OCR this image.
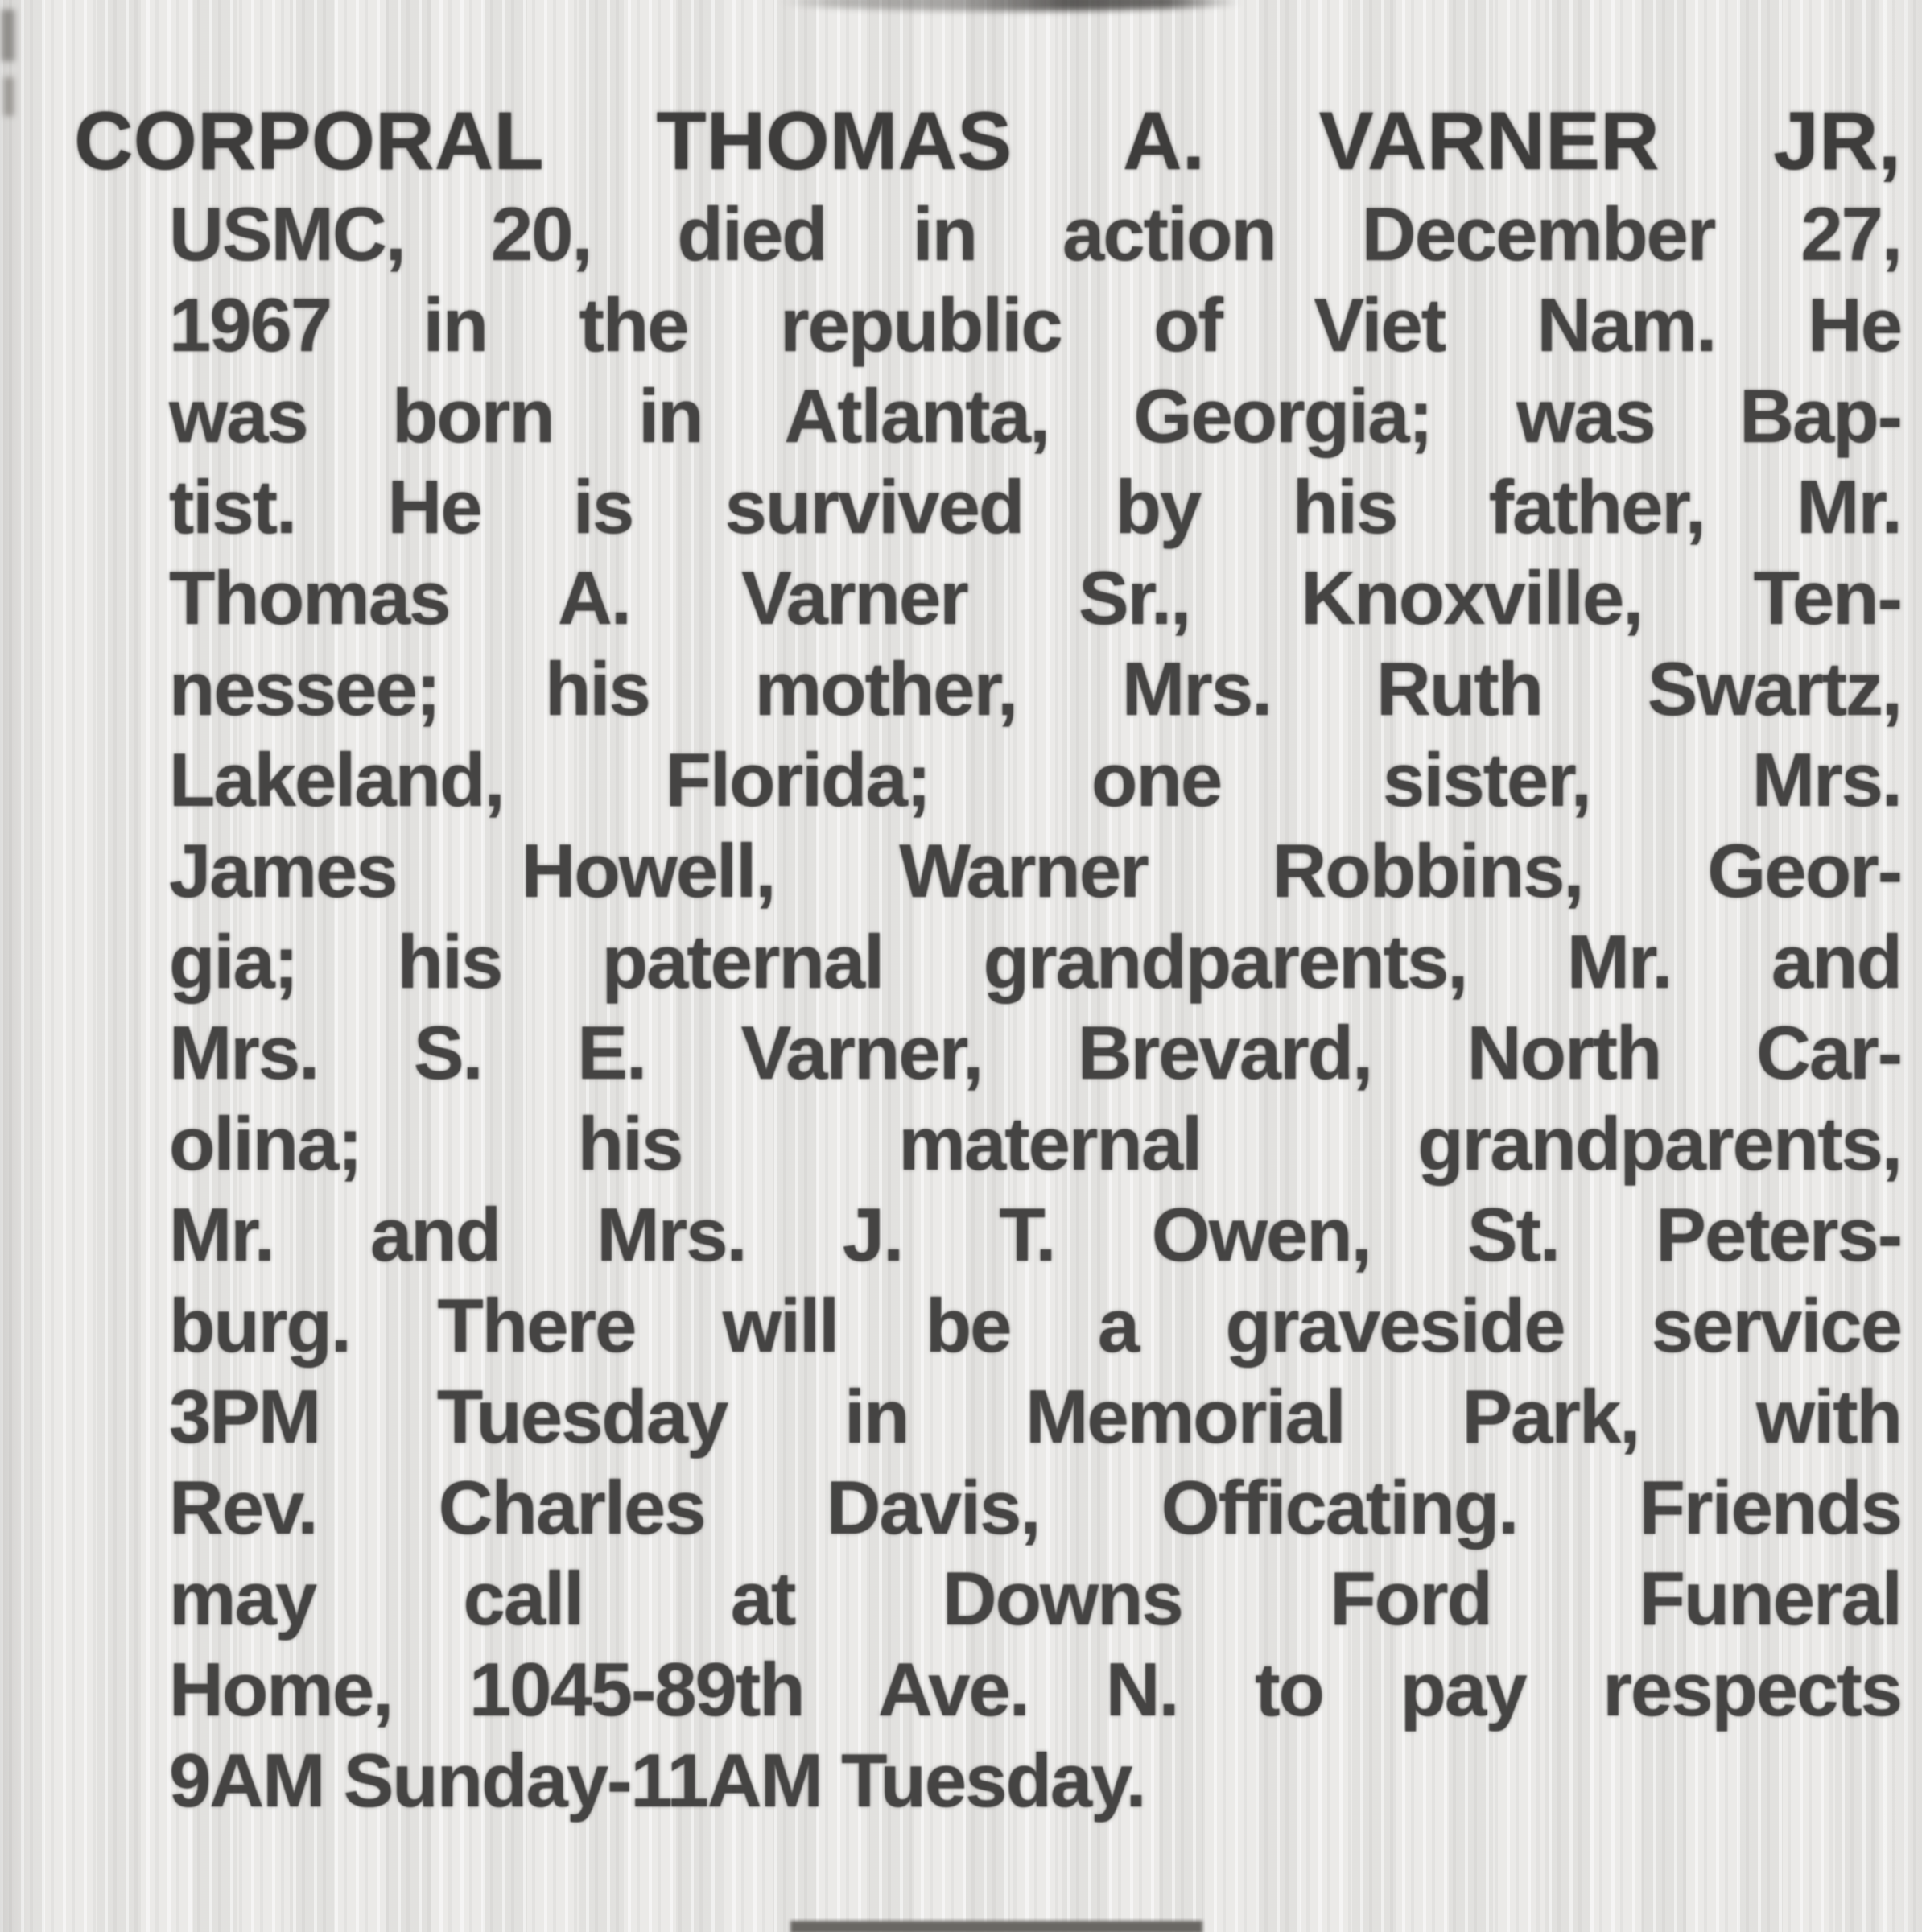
CORPORAL THOMAS A. VARNER JR,
USMC, 20, died in action December 27,
1967 in the republic of Viet Nam. He
was born in Atlanta, Georgia; was Bap-
tist. He is survived by his father, Mr.
Thomas A. Varner Sr., Knoxville, Ten-
nessee; his mother, Mrs. Ruth Swartz,
Lakeland, Florida; one sister, Mrs.
James Howell, Warner Robbins, Geor-
gia; his paternal grandparents, Mr. and
Mrs. S. E. Varner, Brevard, North Car-
olina; his maternal grandparents,
Mr. and Mrs. J. T. Owen, St. Peters-
burg. There will be a graveside service
3PM Tuesday in Memorial Park, with
Rev. Charles Davis, Officating. Friends
may call at Downs Ford Funeral
Home, 1045-89th Ave. N. to pay respects
9AM Sunday-11AM Tuesday.
